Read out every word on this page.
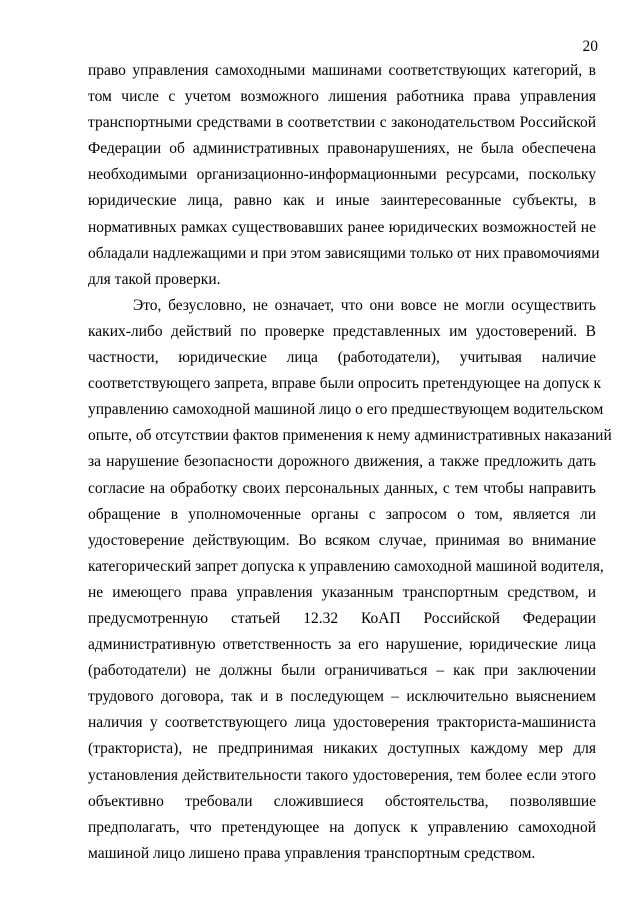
20
право управления самоходными машинами соответствующих категорий, в
том числе с учетом возможного лишения работника права управления
транспортными средствами в соответствии с законодательством Российской
Федерации об административных правонарушениях, не была обеспечена
необходимыми организационно-информационными ресурсами, поскольку
юридические лица, равно как и иные заинтересованные субъекты, в
нормативных рамках существовавших ранее юридических возможностей не
обладали надлежащими и при этом зависящими только от них правомочиями
для такой проверки.
Это, безусловно, не означает, что они вовсе не могли осуществить
каких-либо действий по проверке представленных им удостоверений. В
частности, юридические лица (работодатели), учитывая наличие
соответствующего запрета, вправе были опросить претендующее на допуск к
управлению самоходной машиной лицо о его предшествующем водительском
опыте, об отсутствии фактов применения к нему административных наказаний
за нарушение безопасности дорожного движения, а также предложить дать
согласие на обработку своих персональных данных, с тем чтобы направить
обращение в уполномоченные органы с запросом о том, является ли
удостоверение действующим. Во всяком случае, принимая во внимание
категорический запрет допуска к управлению самоходной машиной водителя,
не имеющего права управления указанным транспортным средством, и
предусмотренную статьей 12.32 КоАП Российской Федерации
административную ответственность за его нарушение, юридические лица
(работодатели) не должны были ограничиваться – как при заключении
трудового договора, так и в последующем – исключительно выяснением
наличия у соответствующего лица удостоверения тракториста-машиниста
(тракториста), не предпринимая никаких доступных каждому мер для
установления действительности такого удостоверения, тем более если этого
объективно требовали сложившиеся обстоятельства, позволявшие
предполагать, что претендующее на допуск к управлению самоходной
машиной лицо лишено права управления транспортным средством.
